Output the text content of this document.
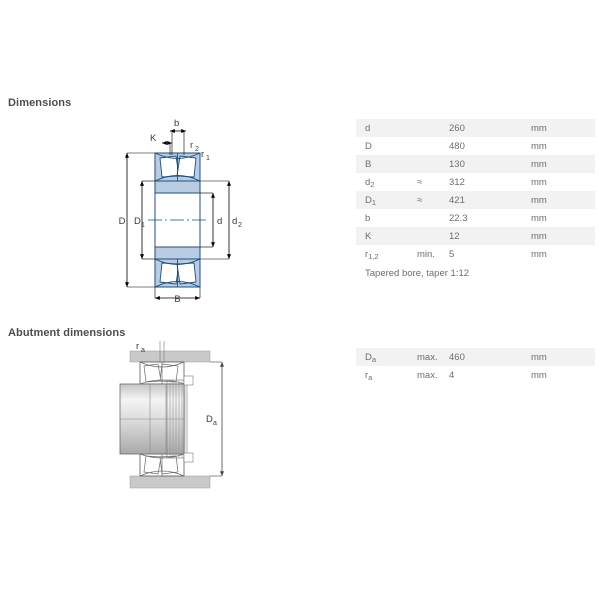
Dimensions
Abutment dimensions
b
K
r 2 r 1
D D 1	d d 2
B
r a
D a
d		260	mm
D		480	mm
B		130	mm
$d_2$	≈	312	mm
$D_1$	≈	421	mm
b		22.3	mm
K		12	mm
$r_{1,2}$	min.	5	mm
Tapered bore, taper 1:12			
$D_a$	max.	460	mm
$r_a$	max.	4	mm
